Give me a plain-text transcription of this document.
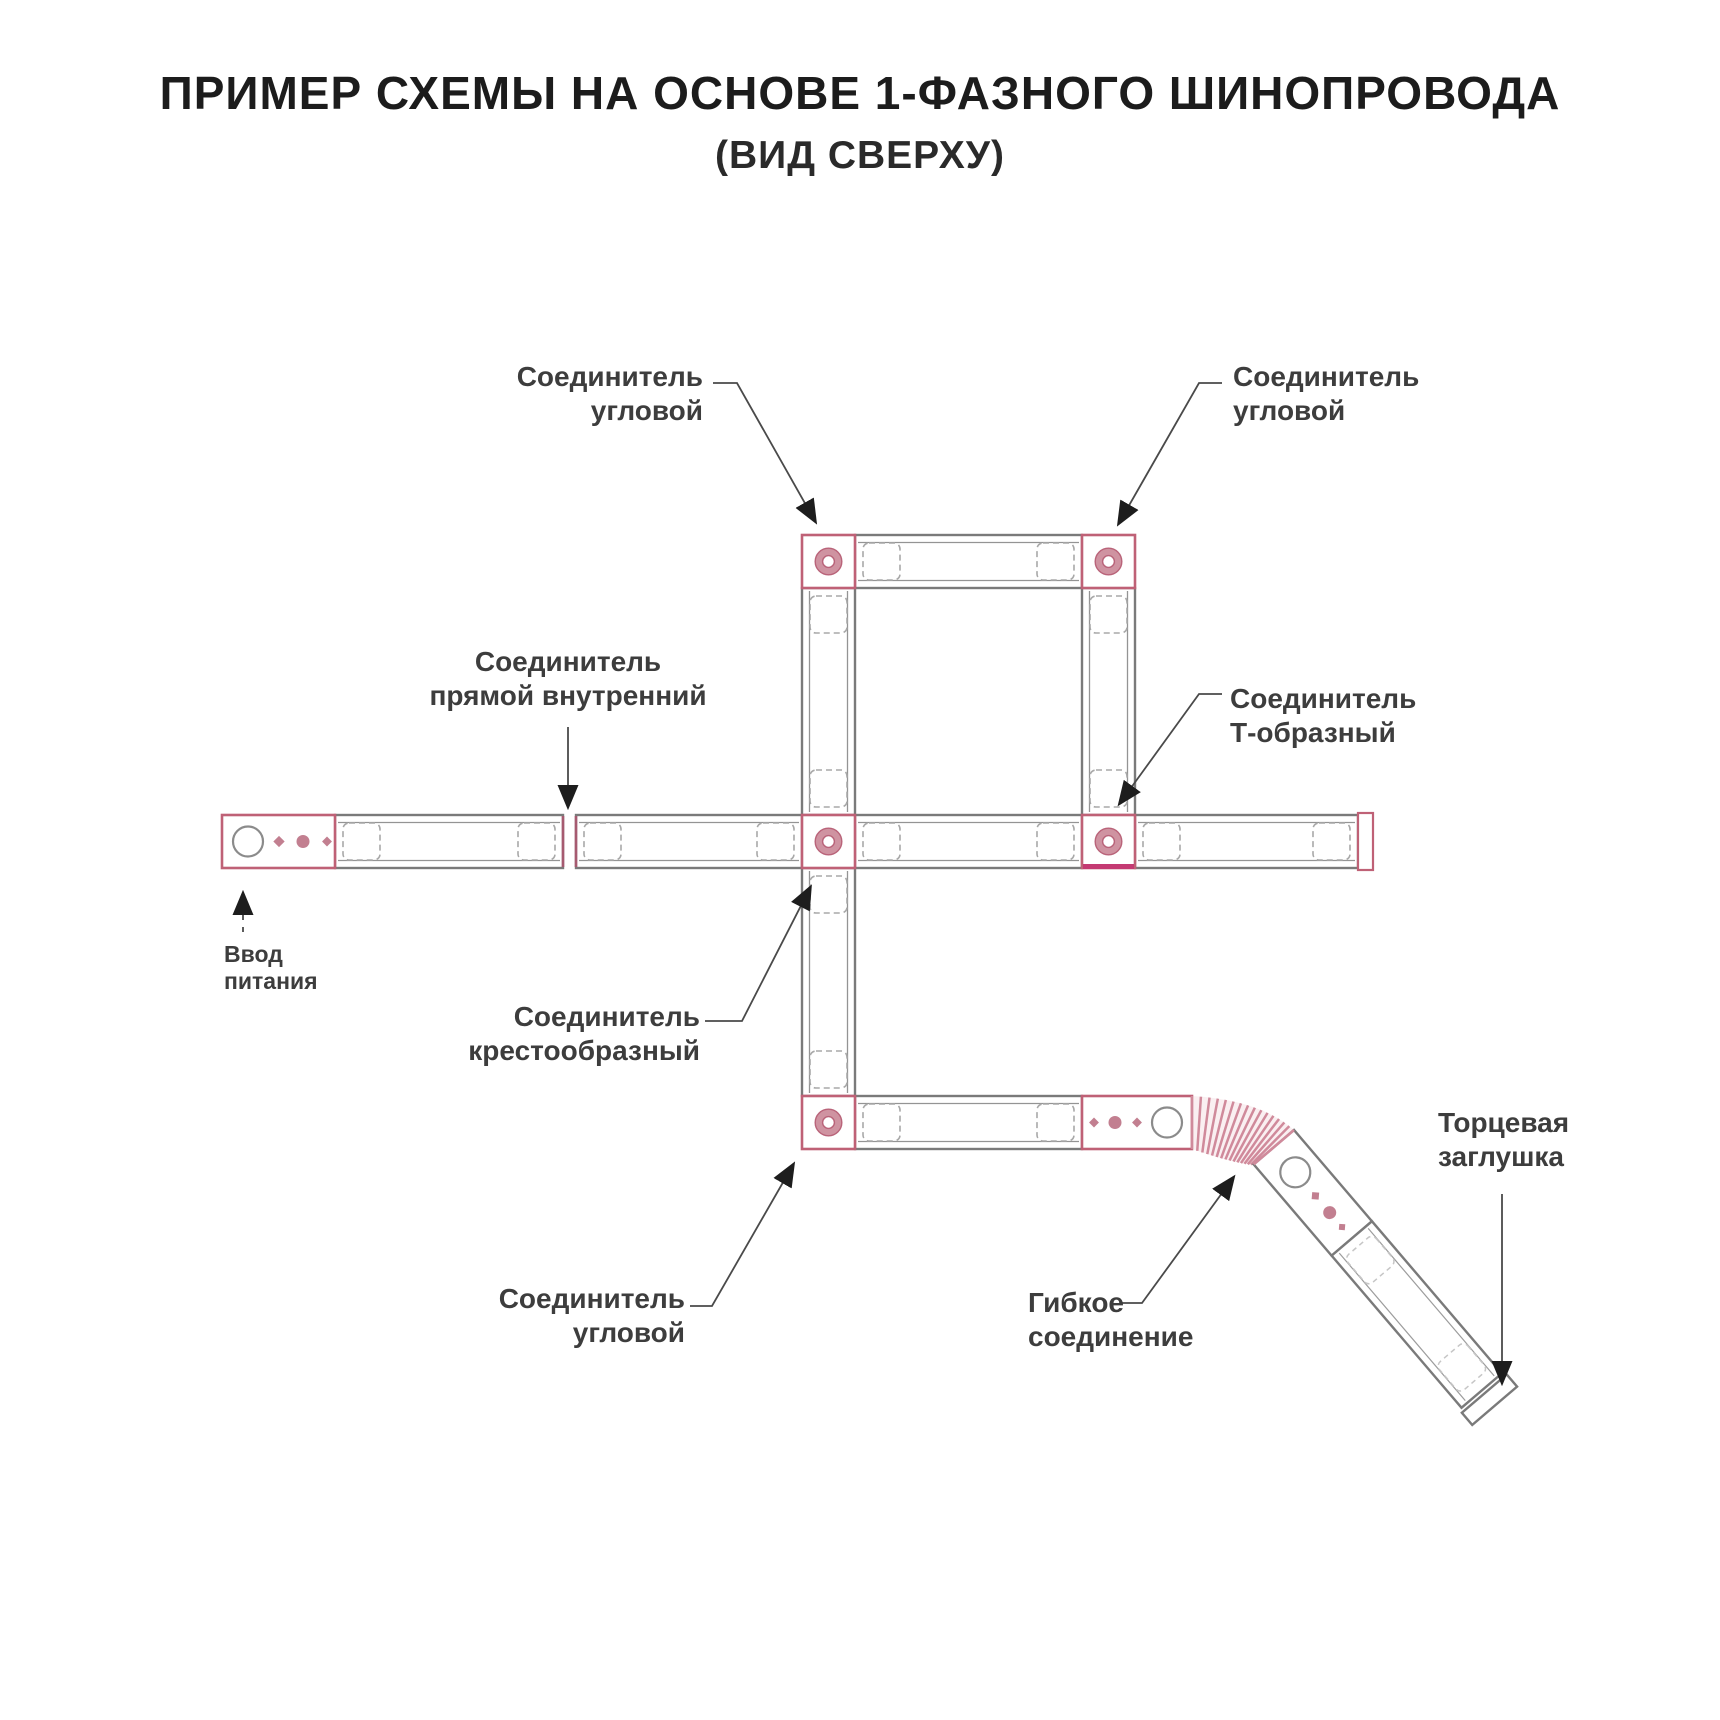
ПРИМЕР СХЕМЫ НА ОСНОВЕ 1-ФАЗНОГО ШИНОПРОВОДА
(ВИД СВЕРХУ)
Соединитель
угловой
Соединитель
угловой
Соединитель
прямой внутренний	Соединитель
Т-образный
Ввод
питания
Соединитель
крестообразный
Соединитель
угловой
Гибкое
соединение
Торцевая
заглушка
